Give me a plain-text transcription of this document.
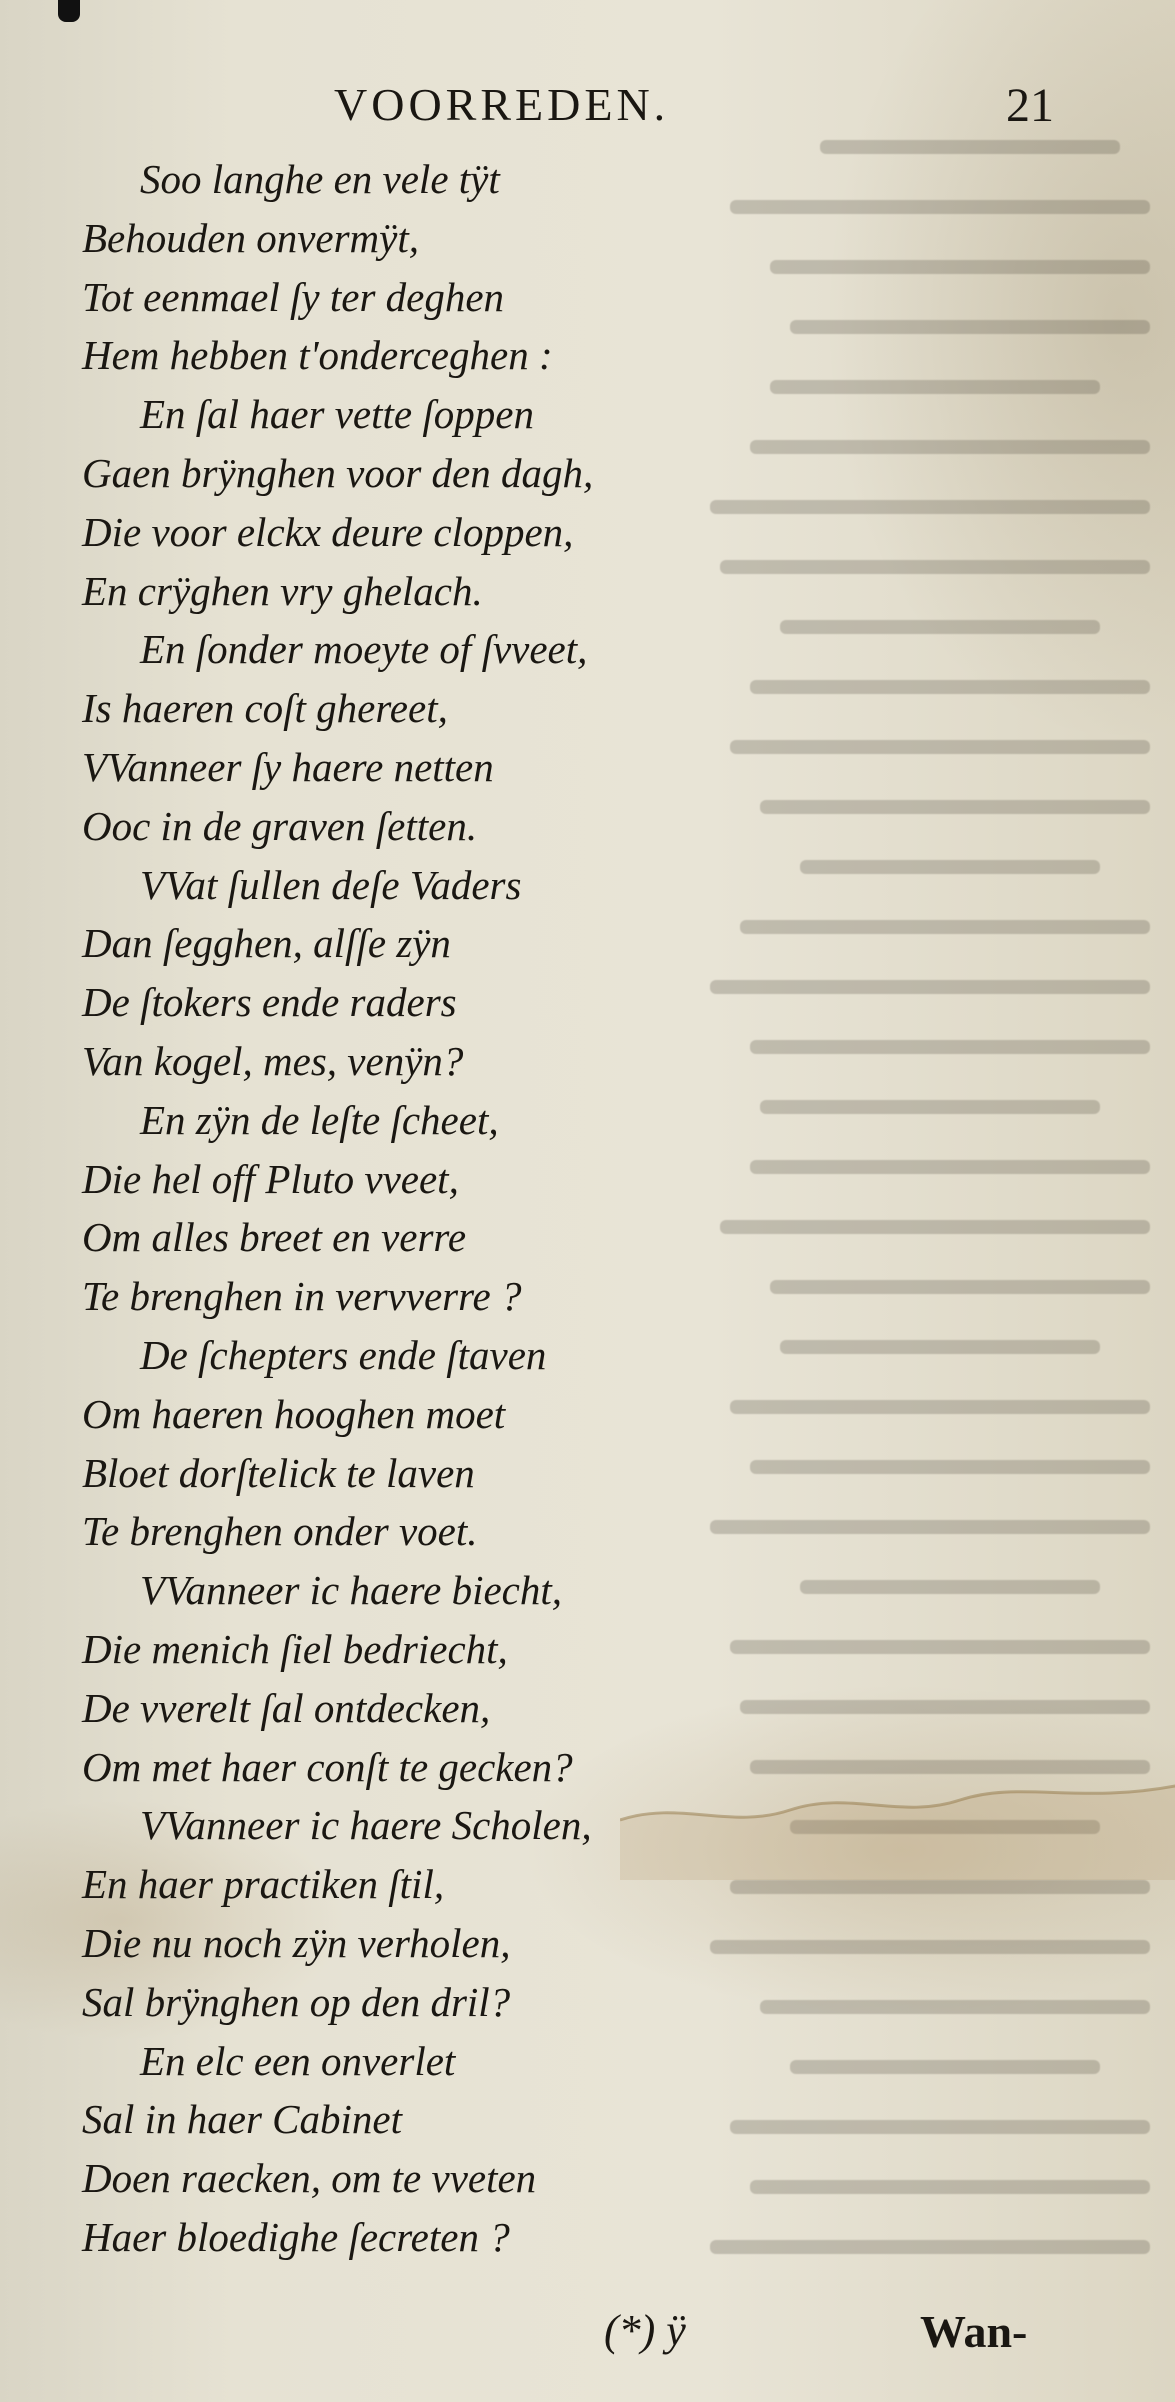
VOORREDEN.	21
Soo langhe en vele tÿt
Behouden onvermÿt,
Tot eenmael ſy ter deghen
Hem hebben t'onderceghen :
En ſal haer vette ſoppen
Gaen brÿnghen voor den dagh,
Die voor elckx deure cloppen,
En crÿghen vry ghelach.
En ſonder moeyte of ſvveet,
Is haeren coſt ghereet,
VVanneer ſy haere netten
Ooc in de graven ſetten.
VVat ſullen deſe Vaders
Dan ſegghen, alſſe zÿn
De ſtokers ende raders
Van kogel, mes, venÿn?
En zÿn de leſte ſcheet,
Die hel off Pluto vveet,
Om alles breet en verre
Te brenghen in vervverre ?
De ſchepters ende ſtaven
Om haeren hooghen moet
Bloet dorſtelick te laven
Te brenghen onder voet.
VVanneer ic haere biecht,
Die menich ſiel bedriecht,
De vverelt ſal ontdecken,
Om met haer conſt te gecken?
VVanneer ic haere Scholen,
En haer practiken ſtil,
Die nu noch zÿn verholen,
Sal brÿnghen op den dril?
En elc een onverlet
Sal in haer Cabinet
Doen raecken, om te vveten
Haer bloedighe ſecreten ?
(*) ÿ	Wan-
